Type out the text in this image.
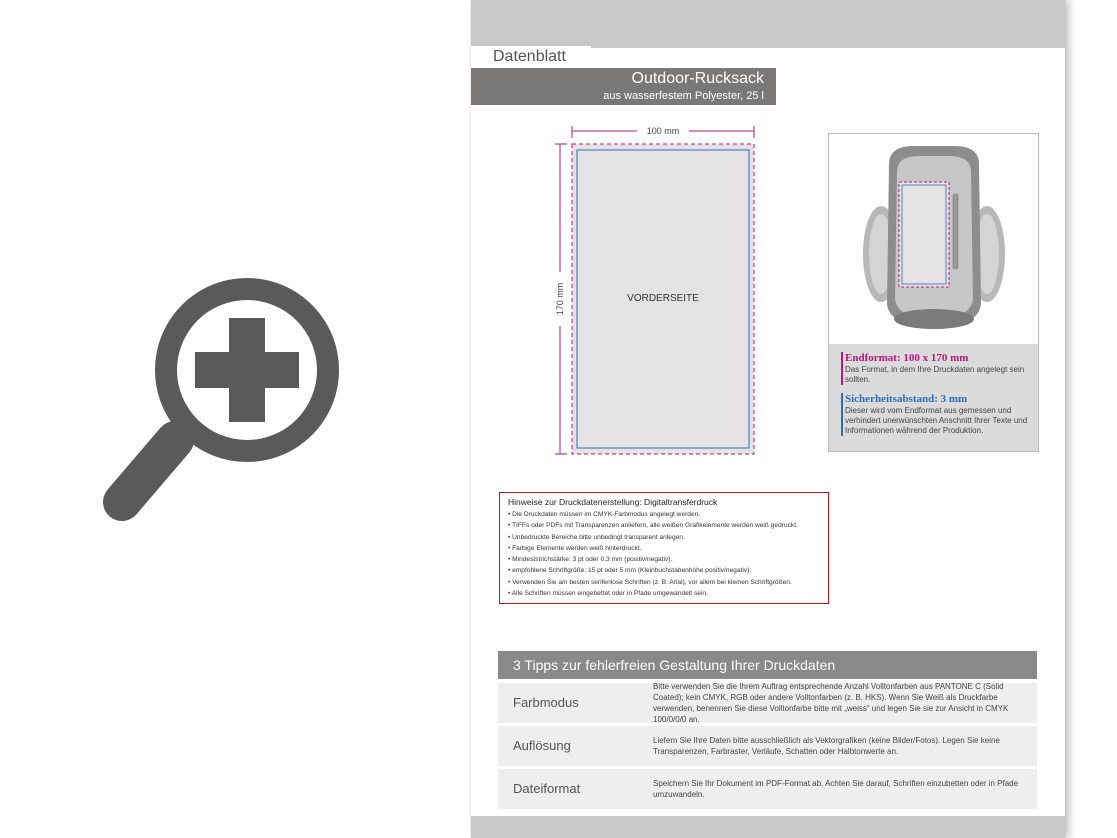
Datenblatt
Outdoor-Rucksack
aus wasserfestem Polyester, 25 l
100 mm
170 mm	VORDERSEITE
Endformat: 100 x 170 mm

Das Format, in dem Ihre Druckdaten angelegt sein sollten.

Sicherheitsabstand: 3 mm

Dieser wird vom Endformat aus gemessen und verhindert unerwünschten Anschnitt Ihrer Texte und Informationen während der Produktion.

Hinweise zur Druckdatenerstellung: Digitaltransferdruck
• Die Druckdaten müssen im CMYK-Farbmodus angelegt werden.
• TIFFs oder PDFs mit Transparenzen anliefern, alle weißen Grafikelemente werden weiß gedruckt.
• Unbedruckte Bereiche bitte unbedingt transparent anlegen.
• Farbige Elemente werden weiß hinterdruckt.
• Mindeststrichstärke: 3 pt oder 0,3 mm (positiv/negativ).
• empfohlene Schriftgröße: 15 pt oder 5 mm (Kleinbuchstabenhöhe positiv/negativ).
• Verwenden Sie am besten serifenlose Schriften (z. B. Arial), vor allem bei kleinen Schriftgrößen.
• Alle Schriften müssen eingebettet oder in Pfade umgewandelt sein.
3 Tipps zur fehlerfreien Gestaltung Ihrer Druckdaten
Farbmodus
Bitte verwenden Sie die Ihrem Auftrag entsprechende Anzahl Volltonfarben aus PANTONE C (Solid Coated); kein CMYK, RGB oder andere Volltonfarben (z. B. HKS). Wenn Sie Weiß als Druckfarbe verwenden, benennen Sie diese Volltonfarbe bitte mit „weiss“ und legen Sie sie zur Ansicht in CMYK 100/0/0/0 an.
Auflösung	Liefern Sie Ihre Daten bitte ausschließlich als Vektorgrafiken (keine Bilder/Fotos). Legen Sie keine Transparenzen, Farbraster, Verläufe, Schatten oder Halbtonwerte an.
Dateiformat	Speichern Sie Ihr Dokument im PDF-Format ab. Achten Sie darauf, Schriften einzubetten oder in Pfade umzuwandeln.
